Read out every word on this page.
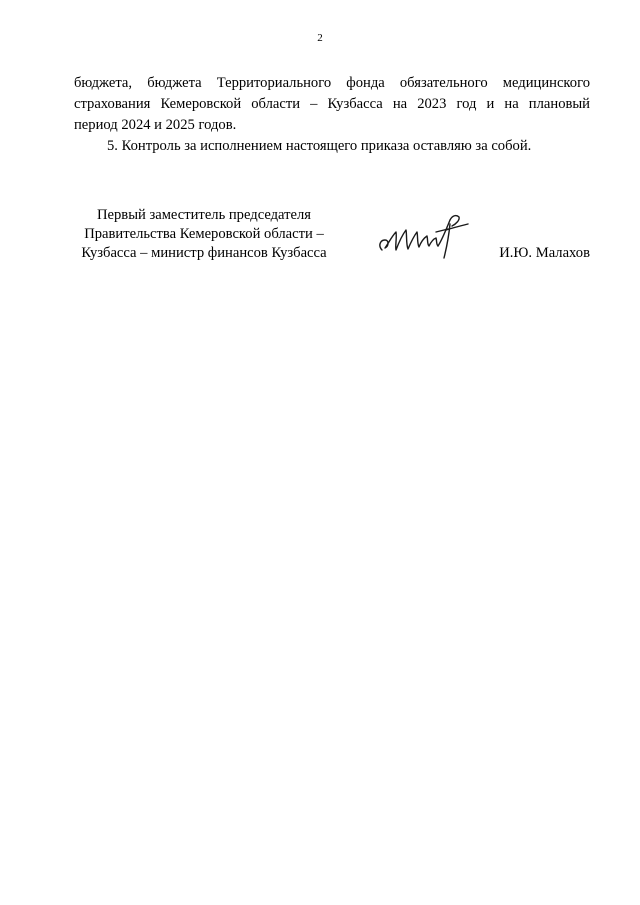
2

бюджета, бюджета Территориального фонда обязательного медицинского
страхования Кемеровской области – Кузбасса на 2023 год и на плановый
период 2024 и 2025 годов.

5. Контроль за исполнением настоящего приказа оставляю за собой.

Первый заместитель председателя
Правительства Кемеровской области –
Кузбасса – министр финансов Кузбасса	И.Ю. Малахов
